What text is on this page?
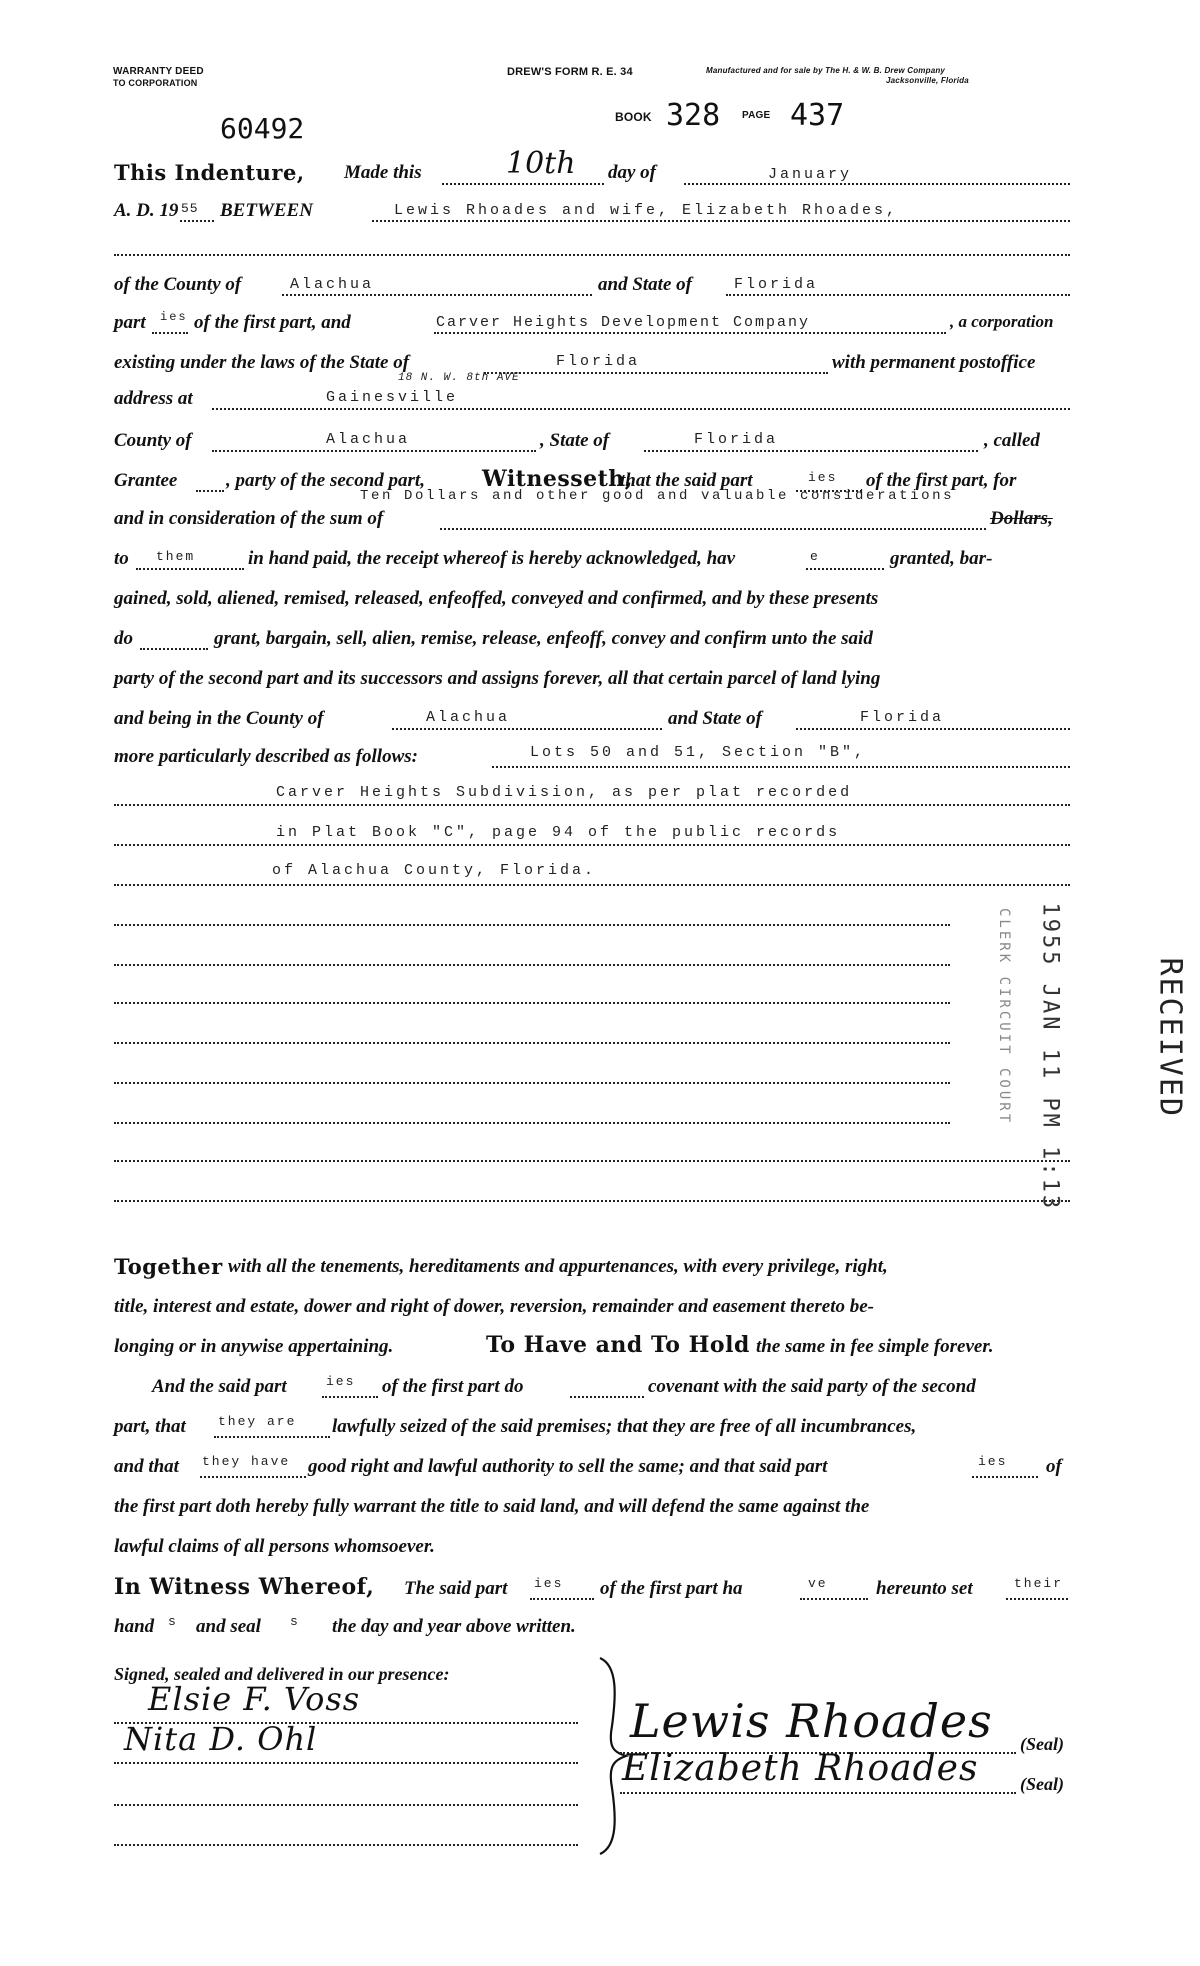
WARRANTY DEED
TO CORPORATION
DREW'S FORM R. E. 34	Manufactured and for sale by The H. & W. B. Drew Company
Jacksonville, Florida
60492	BOOK 328 PAGE 437
This Indenture, Made this	10th day of	January
A. D. 19 55 BETWEEN	Lewis Rhoades and wife, Elizabeth Rhoades,
of the County of	Alachua	and State of	Florida
part ies of the first part, and	Carver Heights Development Company	, a corporation
existing under the laws of the State of	Florida	with permanent postoffice
18 N. W. 8th AVE
address at	Gainesville
County of	Alachua	, State of	Florida	, called
Grantee	, party of the second part,	Witnesseth,
that the said part	ies of the first part, for
Ten Dollars and other good and valuable considerations
and in consideration of the sum of	Dollars,
to them	in hand paid, the receipt whereof is hereby acknowledged, hav	e	granted, bar-
gained, sold, aliened, remised, released, enfeoffed, conveyed and confirmed, and by these presents
do	grant, bargain, sell, alien, remise, release, enfeoff, convey and confirm unto the said
party of the second part and its successors and assigns forever, all that certain parcel of land lying
and being in the County of	Alachua	and State of	Florida
more particularly described as follows:	Lots 50 and 51, Section "B",
Carver Heights Subdivision, as per plat recorded
in Plat Book "C", page 94 of the public records
of Alachua County, Florida.
RECEIVED
1955 JAN 11 PM 1:13
CLERK CIRCUIT COURT
Together with all the tenements, hereditaments and appurtenances, with every privilege, right,
title, interest and estate, dower and right of dower, reversion, remainder and easement thereto be-
longing or in anywise appertaining.	To Have and To Hold the same in fee simple forever.
And the said part	ies of the first part do	covenant with the said party of the second
part, that they are lawfully seized of the said premises; that they are free of all incumbrances,
and that they have good right and lawful authority to sell the same; and that said part	ies of
the first part doth hereby fully warrant the title to said land, and will defend the same against the
lawful claims of all persons whomsoever.
In Witness Whereof, The said part ies of the first part ha	ve	hereunto set	their
hand s and seal s the day and year above written.
Signed, sealed and delivered in our presence:
Elsie F. Voss
Nita D. Ohl	Lewis Rhoades (Seal)
Elizabeth Rhoades (Seal)
